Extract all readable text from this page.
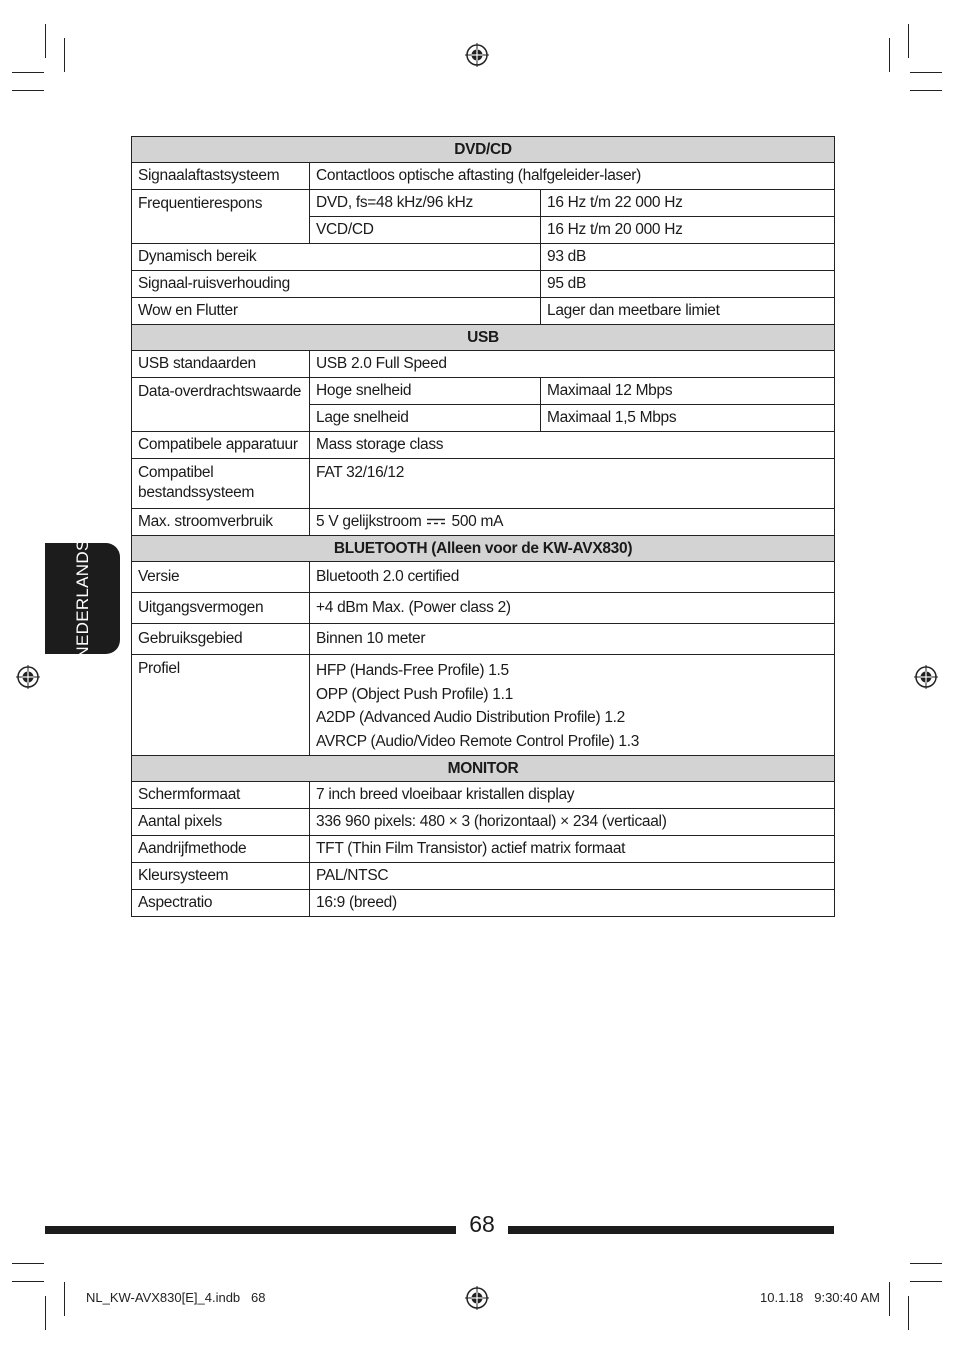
NEDERLANDS
DVD/CD		
Signaalaftastsysteem	Contactloos optische aftasting (halfgeleider-laser)	
Frequentierespons	DVD, fs=48 kHz/96 kHz	16 Hz t/m 22 000 Hz
	VCD/CD	16 Hz t/m 20 000 Hz
Dynamisch bereik		93 dB
Signaal-ruisverhouding		95 dB
Wow en Flutter		Lager dan meetbare limiet
USB		
USB standaarden	USB 2.0 Full Speed	
Data-overdrachtswaarde	Hoge snelheid	Maximaal 12 Mbps
	Lage snelheid	Maximaal 1,5 Mbps
Compatibele apparatuur	Mass storage class	
Compatibel bestandssysteem	FAT 32/16/12	
Max. stroomverbruik	5 V gelijkstroom 500 mA	
BLUETOOTH (Alleen voor de KW-AVX830)		
Versie	Bluetooth 2.0 certified	
Uitgangsvermogen	+4 dBm Max. (Power class 2)	
Gebruiksgebied	Binnen 10 meter	
Profiel	HFP (Hands-Free Profile) 1.5
OPP (Object Push Profile) 1.1
A2DP (Advanced Audio Distribution Profile) 1.2
AVRCP (Audio/Video Remote Control Profile) 1.3	

MONITOR		
Schermformaat	7 inch breed vloeibaar kristallen display	
Aantal pixels	336 960 pixels: 480 × 3 (horizontaal) × 234 (verticaal)	
Aandrijfmethode	TFT (Thin Film Transistor) actief matrix formaat	
Kleursysteem	PAL/NTSC	
Aspectratio	16:9 (breed)	
68
NL_KW-AVX830[E]_4.indb   68	10.1.18   9:30:40 AM
